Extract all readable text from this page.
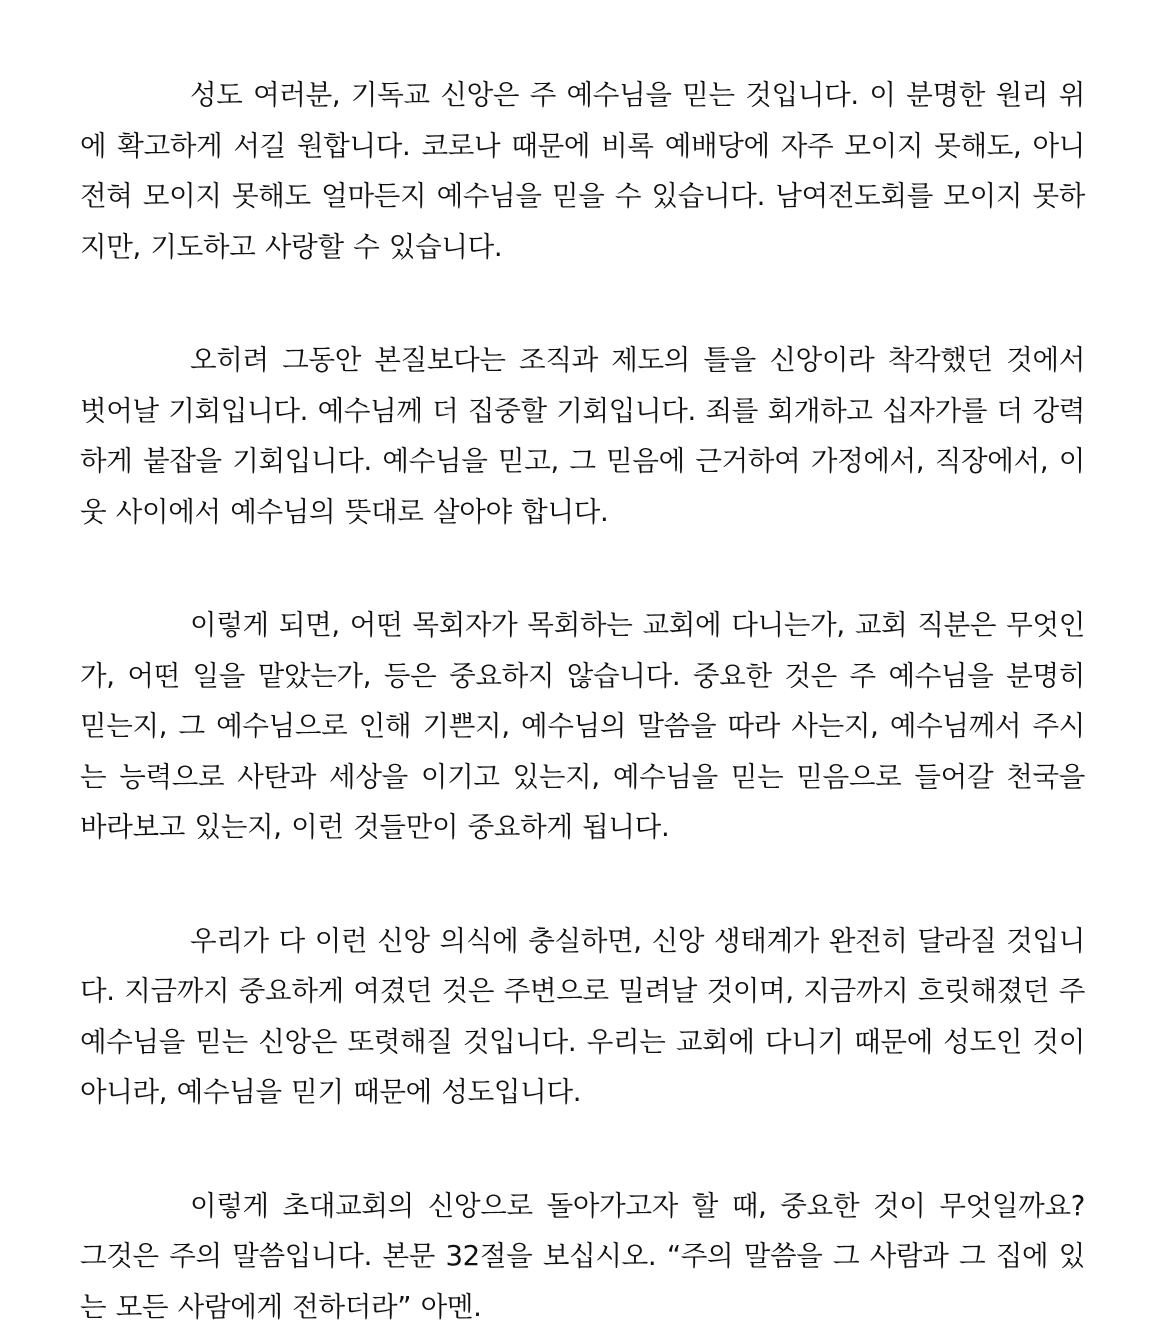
성도 여러분, 기독교 신앙은 주 예수님을 믿는 것입니다. 이 분명한 원리 위에 확고하게 서길 원합니다. 코로나 때문에 비록 예배당에 자주 모이지 못해도, 아니 전혀 모이지 못해도 얼마든지 예수님을 믿을 수 있습니다. 남여전도회를 모이지 못하지만, 기도하고 사랑할 수 있습니다.

오히려 그동안 본질보다는 조직과 제도의 틀을 신앙이라 착각했던 것에서 벗어날 기회입니다. 예수님께 더 집중할 기회입니다. 죄를 회개하고 십자가를 더 강력하게 붙잡을 기회입니다. 예수님을 믿고, 그 믿음에 근거하여 가정에서, 직장에서, 이웃 사이에서 예수님의 뜻대로 살아야 합니다.

이렇게 되면, 어떤 목회자가 목회하는 교회에 다니는가, 교회 직분은 무엇인가, 어떤 일을 맡았는가, 등은 중요하지 않습니다. 중요한 것은 주 예수님을 분명히 믿는지, 그 예수님으로 인해 기쁜지, 예수님의 말씀을 따라 사는지, 예수님께서 주시는 능력으로 사탄과 세상을 이기고 있는지, 예수님을 믿는 믿음으로 들어갈 천국을 바라보고 있는지, 이런 것들만이 중요하게 됩니다.

우리가 다 이런 신앙 의식에 충실하면, 신앙 생태계가 완전히 달라질 것입니다. 지금까지 중요하게 여겼던 것은 주변으로 밀려날 것이며, 지금까지 흐릿해졌던 주 예수님을 믿는 신앙은 또렷해질 것입니다. 우리는 교회에 다니기 때문에 성도인 것이 아니라, 예수님을 믿기 때문에 성도입니다.

이렇게 초대교회의 신앙으로 돌아가고자 할 때, 중요한 것이 무엇일까요? 그것은 주의 말씀입니다. 본문 32절을 보십시오. “주의 말씀을 그 사람과 그 집에 있는 모든 사람에게 전하더라” 아멘.
